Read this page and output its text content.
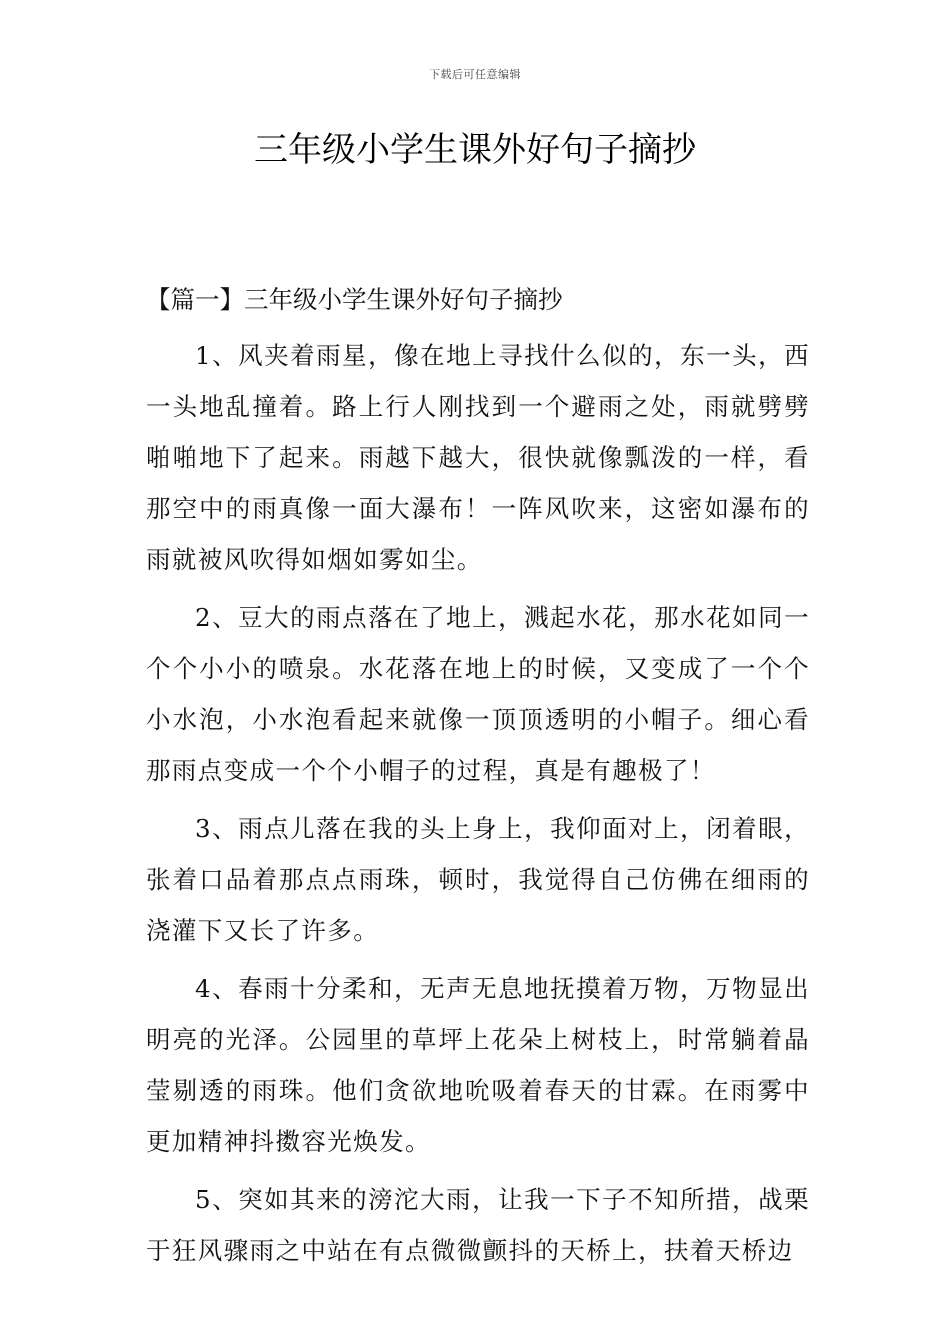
下载后可任意编辑
三年级小学生课外好句子摘抄
【篇一】三年级小学生课外好句子摘抄

1、风夹着雨星，像在地上寻找什么似的，东一头，西一头地乱撞着。路上行人刚找到一个避雨之处，雨就劈劈啪啪地下了起来。雨越下越大，很快就像瓢泼的一样，看那空中的雨真像一面大瀑布！一阵风吹来，这密如瀑布的雨就被风吹得如烟如雾如尘。

2、豆大的雨点落在了地上，溅起水花，那水花如同一个个小小的喷泉。水花落在地上的时候，又变成了一个个小水泡，小水泡看起来就像一顶顶透明的小帽子。细心看那雨点变成一个个小帽子的过程，真是有趣极了！

3、雨点儿落在我的头上身上，我仰面对上，闭着眼，张着口品着那点点雨珠，顿时，我觉得自己仿佛在细雨的浇灌下又长了许多。

4、春雨十分柔和，无声无息地抚摸着万物，万物显出明亮的光泽。公园里的草坪上花朵上树枝上，时常躺着晶莹剔透的雨珠。他们贪欲地吮吸着春天的甘霖。在雨雾中更加精神抖擞容光焕发。

5、突如其来的滂沱大雨，让我一下子不知所措，战栗于狂风骤雨之中站在有点微微颤抖的天桥上，扶着天桥边
